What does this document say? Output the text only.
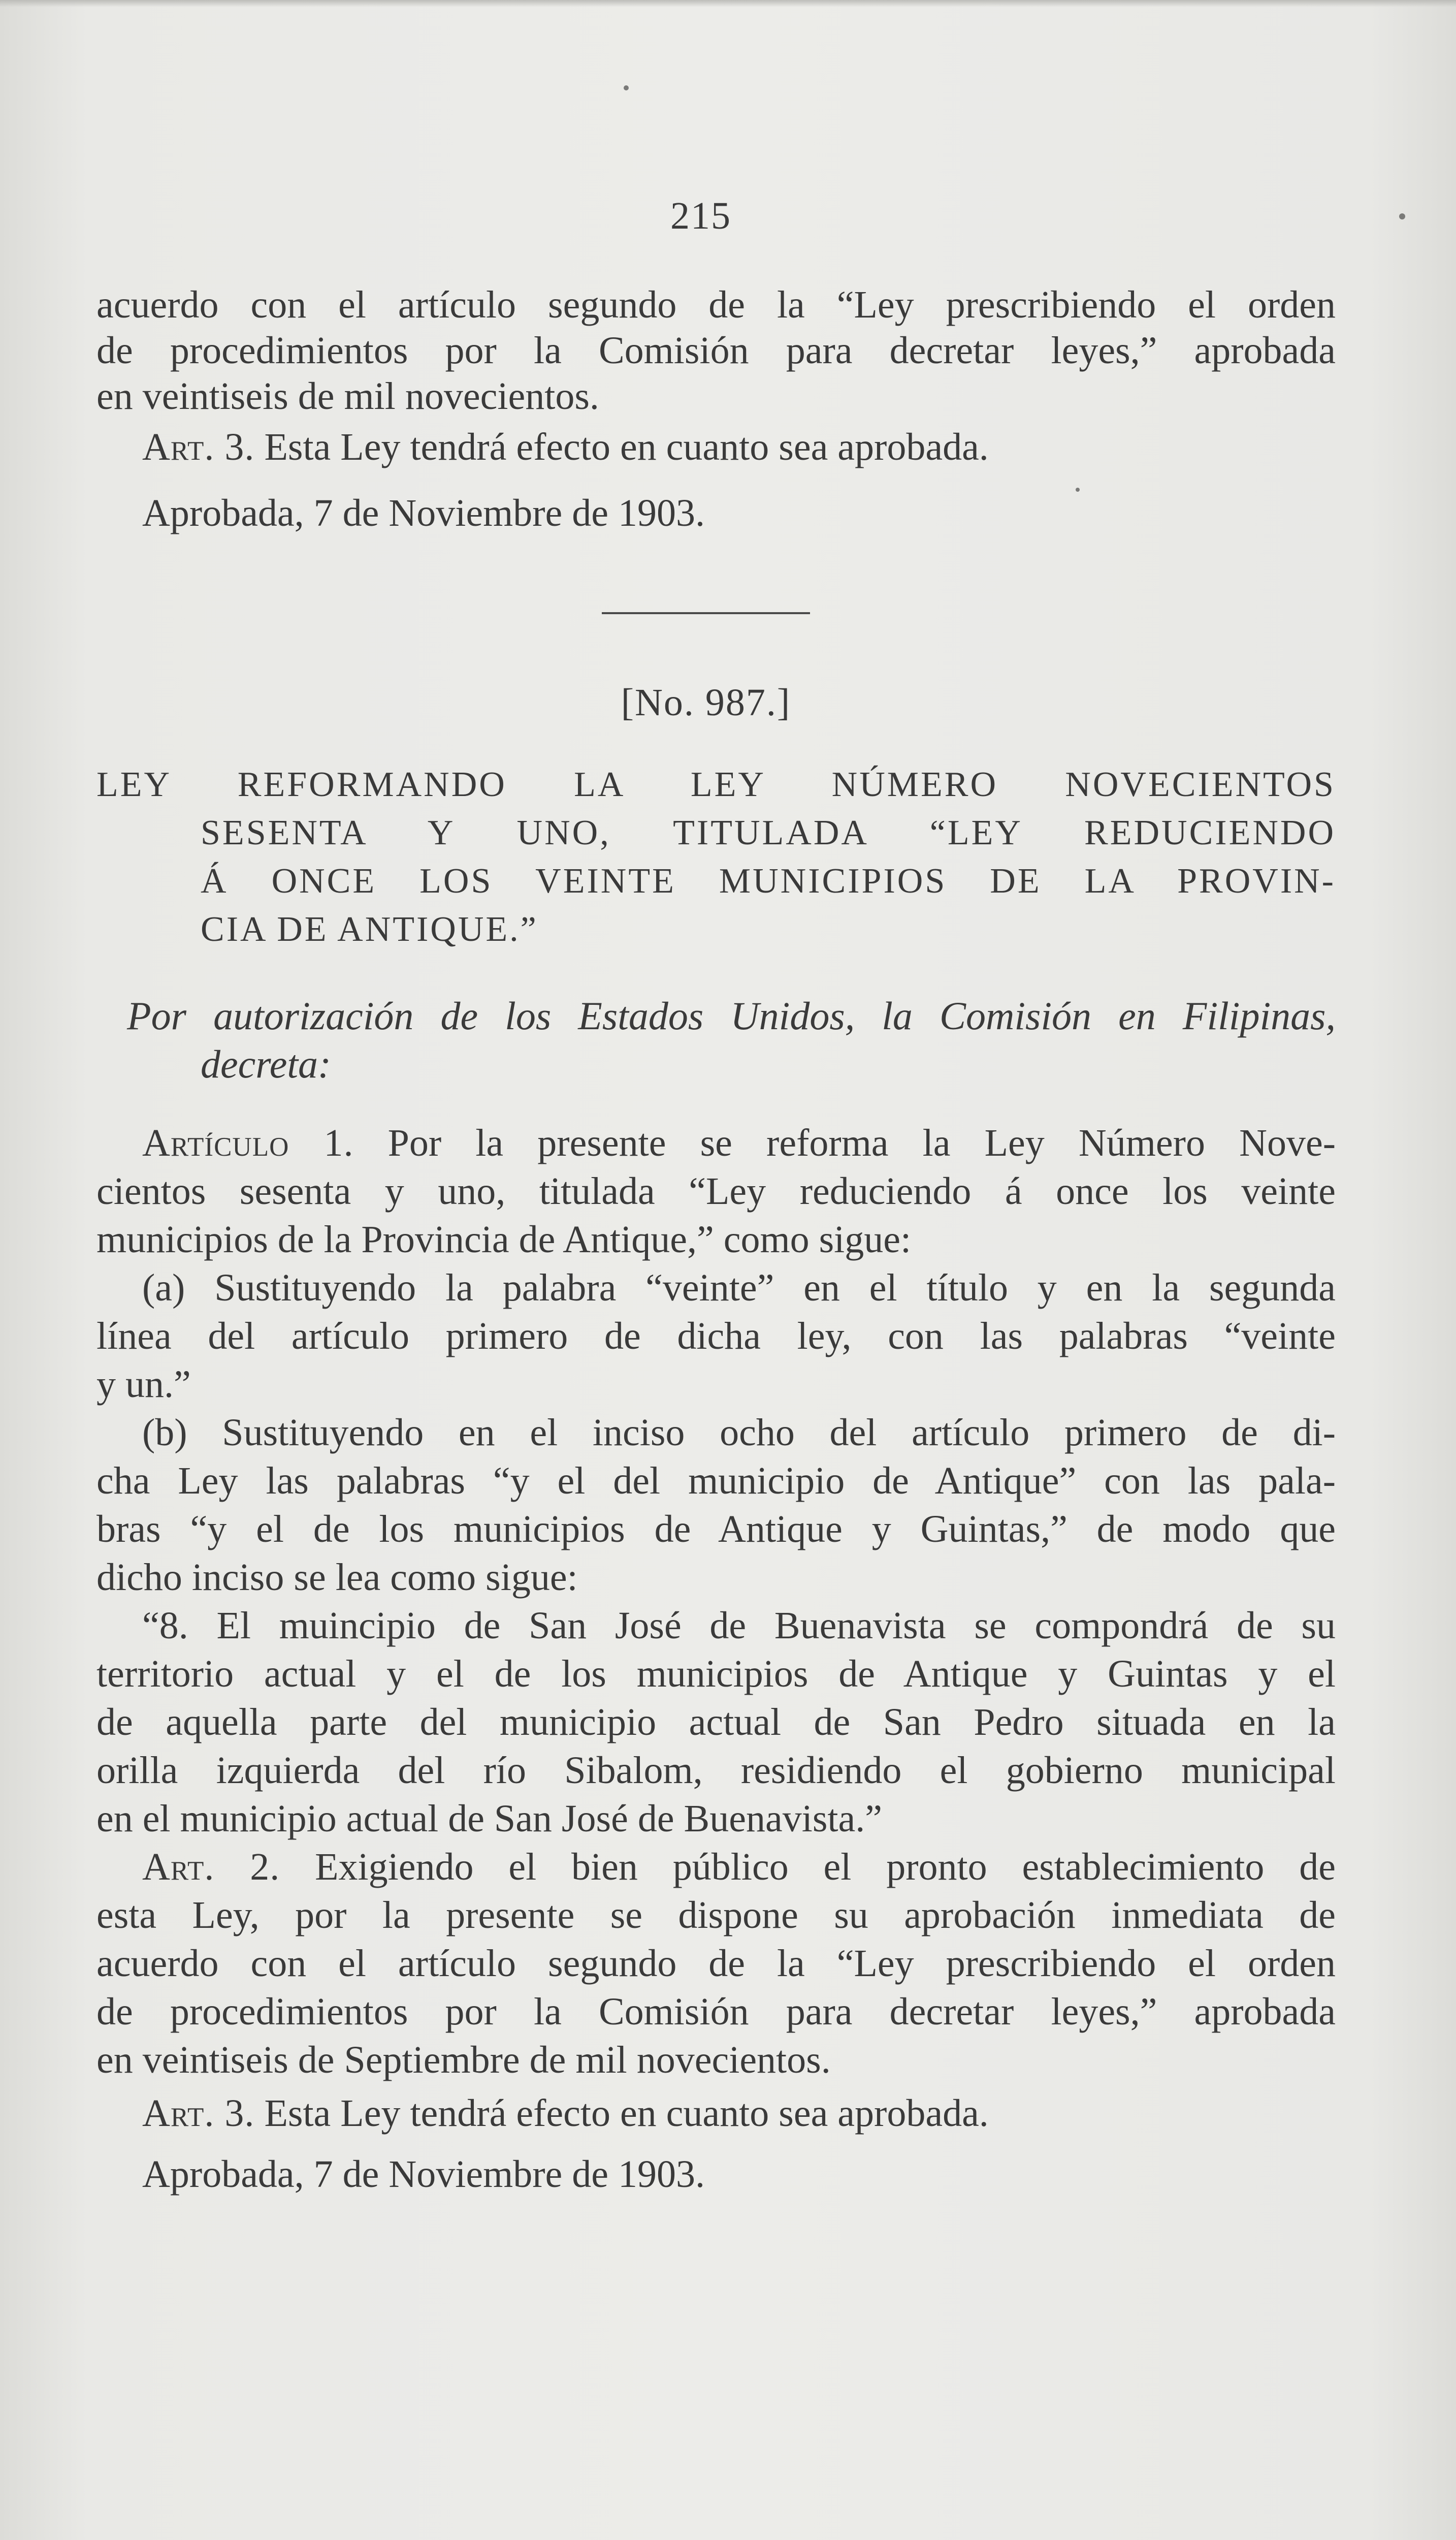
215
acuerdo con el artículo segundo de la “Ley prescribiendo el orden
de procedimientos por la Comisión para decretar leyes,” aprobada
en veintiseis de mil novecientos.
Art. 3. Esta Ley tendrá efecto en cuanto sea aprobada.
Aprobada, 7 de Noviembre de 1903.
[No. 987.]
LEY REFORMANDO LA LEY NÚMERO NOVECIENTOS
SESENTA Y UNO, TITULADA “LEY REDUCIENDO
Á ONCE LOS VEINTE MUNICIPIOS DE LA PROVIN-
CIA DE ANTIQUE.”
Por autorización de los Estados Unidos, la Comisión en Filipinas,
decreta:
Artículo 1. Por la presente se reforma la Ley Número Nove-
cientos sesenta y uno, titulada “Ley reduciendo á once los veinte
municipios de la Provincia de Antique,” como sigue:
(a) Sustituyendo la palabra “veinte” en el título y en la segunda
línea del artículo primero de dicha ley, con las palabras “veinte
y un.”
(b) Sustituyendo en el inciso ocho del artículo primero de di-
cha Ley las palabras “y el del municipio de Antique” con las pala-
bras “y el de los municipios de Antique y Guintas,” de modo que
dicho inciso se lea como sigue:
“8. El muincipio de San José de Buenavista se compondrá de su
territorio actual y el de los municipios de Antique y Guintas y el
de aquella parte del municipio actual de San Pedro situada en la
orilla izquierda del río Sibalom, residiendo el gobierno municipal
en el municipio actual de San José de Buenavista.”
Art. 2. Exigiendo el bien público el pronto establecimiento de
esta Ley, por la presente se dispone su aprobación inmediata de
acuerdo con el artículo segundo de la “Ley prescribiendo el orden
de procedimientos por la Comisión para decretar leyes,” aprobada
en veintiseis de Septiembre de mil novecientos.
Art. 3. Esta Ley tendrá efecto en cuanto sea aprobada.
Aprobada, 7 de Noviembre de 1903.
